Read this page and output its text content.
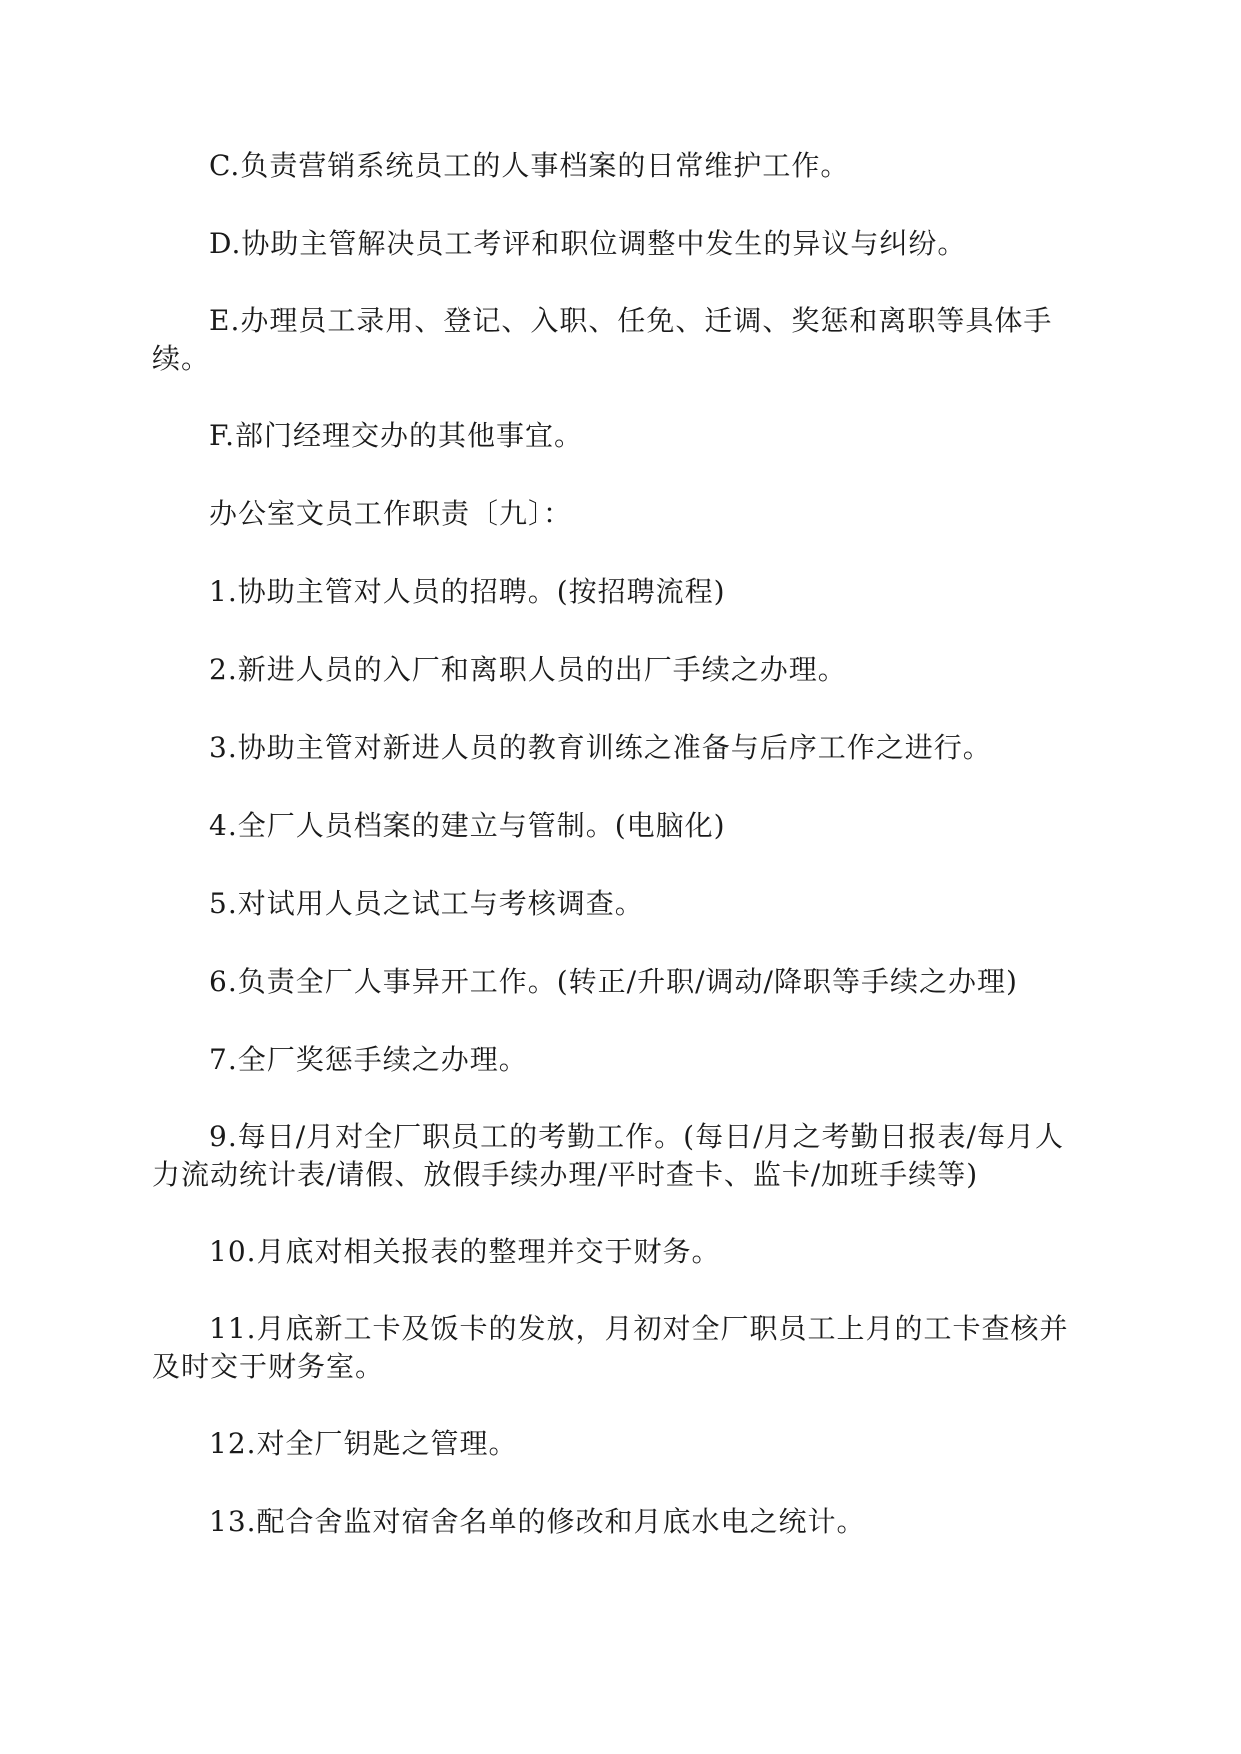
C.负责营销系统员工的人事档案的日常维护工作。

D.协助主管解决员工考评和职位调整中发生的异议与纠纷。

E.办理员工录用、登记、入职、任免、迁调、奖惩和离职等具体手续。

F.部门经理交办的其他事宜。

办公室文员工作职责〔九〕：

1.协助主管对人员的招聘。(按招聘流程)

2.新进人员的入厂和离职人员的出厂手续之办理。

3.协助主管对新进人员的教育训练之准备与后序工作之进行。

4.全厂人员档案的建立与管制。(电脑化)

5.对试用人员之试工与考核调查。

6.负责全厂人事异开工作。(转正/升职/调动/降职等手续之办理)

7.全厂奖惩手续之办理。

9.每日/月对全厂职员工的考勤工作。(每日/月之考勤日报表/每月人力流动统计表/请假、放假手续办理/平时查卡、监卡/加班手续等)

10.月底对相关报表的整理并交于财务。

11.月底新工卡及饭卡的发放，月初对全厂职员工上月的工卡查核并及时交于财务室。

12.对全厂钥匙之管理。

13.配合舍监对宿舍名单的修改和月底水电之统计。
